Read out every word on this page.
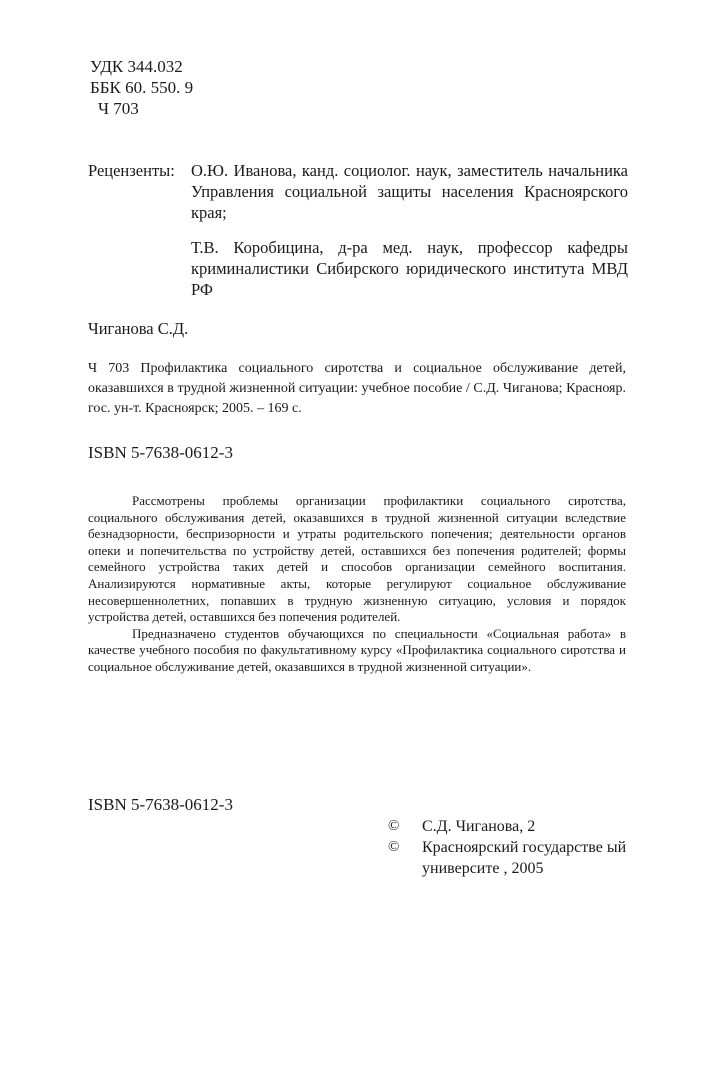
УДК 344.032
ББК 60. 550. 9
Ч 703
Рецензенты: О.Ю. Иванова, канд. социолог. наук, заместитель начальника Управления социальной защиты населения Красноярского края;
Т.В. Коробицина, д-ра мед. наук, профессор кафедры криминалистики Сибирского юридического института МВД РФ
Чиганова С.Д.
Ч 703 Профилактика социального сиротства и социальное обслуживание детей, оказавшихся в трудной жизненной ситуации: учебное пособие / С.Д. Чиганова; Краснояр. гос. ун-т. Красноярск; 2005. – 169 с.
ISBN 5-7638-0612-3

Рассмотрены проблемы организации профилактики социального сиротства, социального обслуживания детей, оказавшихся в трудной жизненной ситуации вследствие безнадзорности, беспризорности и утраты родительского попечения; деятельности органов опеки и попечительства по устройству детей, оставшихся без попечения родителей; формы семейного устройства таких детей и способов организации семейного воспитания. Анализируются нормативные акты, которые регулируют социальное обслуживание несовершеннолетних, попавших в трудную жизненную ситуацию, условия и порядок устройства детей, оставшихся без попечения родителей.

Предназначено студентов обучающихся по специальности «Социальная работа» в качестве учебного пособия по факультативному курсу «Профилактика социального сиротства и социальное обслуживание детей, оказавшихся в трудной жизненной ситуации».

ISBN 5-7638-0612-3
© С.Д. Чиганова, 2
© Красноярский государстве ый университе , 2005
